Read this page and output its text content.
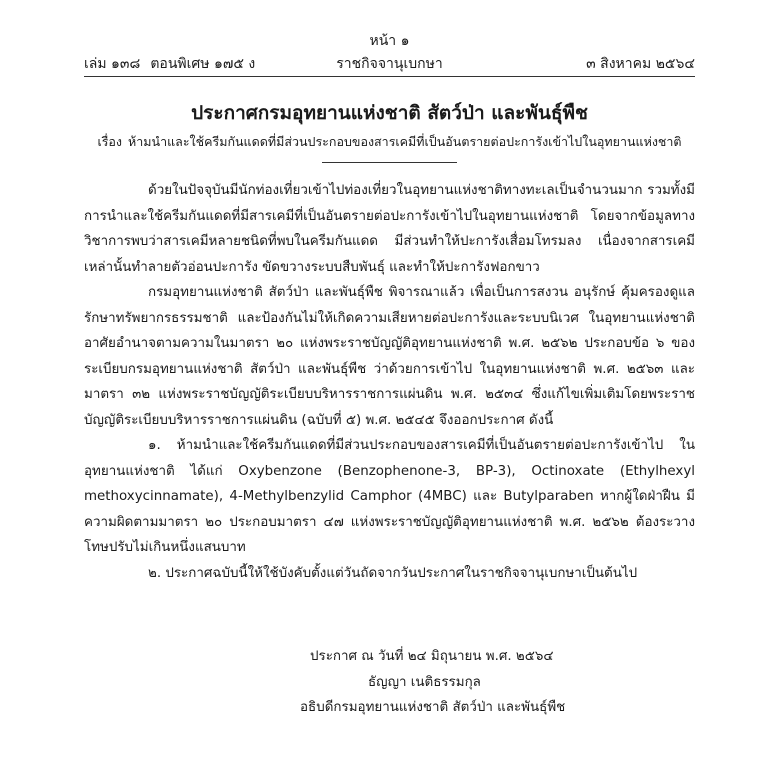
หน้า ๑
เล่ม ๑๓๘ ตอนพิเศษ ๑๗๕ ง	ราชกิจจานุเบกษา	๓ สิงหาคม ๒๕๖๔
ประกาศกรมอุทยานแห่งชาติ สัตว์ป่า และพันธุ์พืช
เรื่อง ห้ามนำและใช้ครีมกันแดดที่มีส่วนประกอบของสารเคมีที่เป็นอันตรายต่อปะการังเข้าไปในอุทยานแห่งชาติ

ด้วยในปัจจุบันมีนักท่องเที่ยวเข้าไปท่องเที่ยวในอุทยานแห่งชาติทางทะเลเป็นจำนวนมาก รวมทั้งมีการนำและใช้ครีมกันแดดที่มีสารเคมีที่เป็นอันตรายต่อปะการังเข้าไปในอุทยานแห่งชาติ โดยจากข้อมูลทางวิชาการพบว่าสารเคมีหลายชนิดที่พบในครีมกันแดด มีส่วนทำให้ปะการังเสื่อมโทรมลง เนื่องจากสารเคมีเหล่านั้นทำลายตัวอ่อนปะการัง ขัดขวางระบบสืบพันธุ์ และทำให้ปะการังฟอกขาว

กรมอุทยานแห่งชาติ สัตว์ป่า และพันธุ์พืช พิจารณาแล้ว เพื่อเป็นการสงวน อนุรักษ์ คุ้มครองดูแลรักษาทรัพยากรธรรมชาติ และป้องกันไม่ให้เกิดความเสียหายต่อปะการังและระบบนิเวศ ในอุทยานแห่งชาติ อาศัยอำนาจตามความในมาตรา ๒๐ แห่งพระราชบัญญัติอุทยานแห่งชาติ พ.ศ. ๒๕๖๒ ประกอบข้อ ๖ ของระเบียบกรมอุทยานแห่งชาติ สัตว์ป่า และพันธุ์พืช ว่าด้วยการเข้าไป ในอุทยานแห่งชาติ พ.ศ. ๒๕๖๓ และมาตรา ๓๒ แห่งพระราชบัญญัติระเบียบบริหารราชการแผ่นดิน พ.ศ. ๒๕๓๔ ซึ่งแก้ไขเพิ่มเติมโดยพระราชบัญญัติระเบียบบริหารราชการแผ่นดิน (ฉบับที่ ๕) พ.ศ. ๒๕๔๕ จึงออกประกาศ ดังนี้

๑. ห้ามนำและใช้ครีมกันแดดที่มีส่วนประกอบของสารเคมีที่เป็นอันตรายต่อปะการังเข้าไป ในอุทยานแห่งชาติ ได้แก่ Oxybenzone (Benzophenone-3, BP-3), Octinoxate (Ethylhexyl methoxycinnamate), 4-Methylbenzylid Camphor (4MBC) และ Butylparaben หากผู้ใดฝ่าฝืน มีความผิดตามมาตรา ๒๐ ประกอบมาตรา ๔๗ แห่งพระราชบัญญัติอุทยานแห่งชาติ พ.ศ. ๒๕๖๒ ต้องระวางโทษปรับไม่เกินหนึ่งแสนบาท

๒. ประกาศฉบับนี้ให้ใช้บังคับตั้งแต่วันถัดจากวันประกาศในราชกิจจานุเบกษาเป็นต้นไป

ประกาศ ณ วันที่ ๒๔ มิถุนายน พ.ศ. ๒๕๖๔
ธัญญา เนติธรรมกุล
อธิบดีกรมอุทยานแห่งชาติ สัตว์ป่า และพันธุ์พืช
